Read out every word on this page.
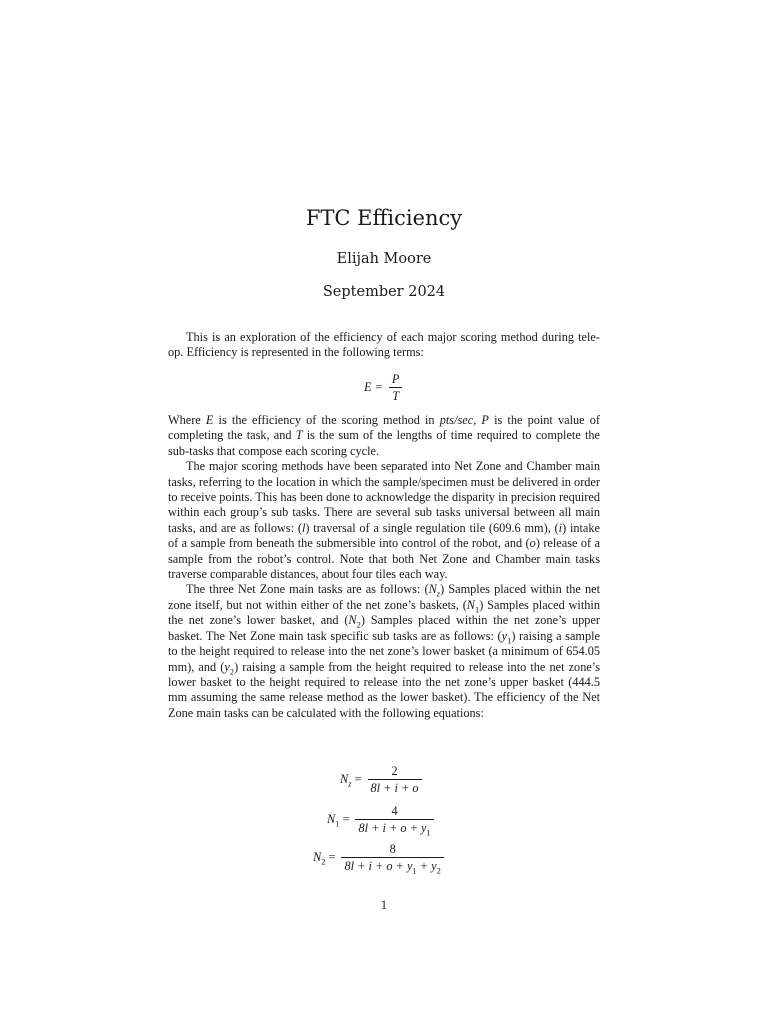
FTC Efficiency
Elijah Moore
September 2024

This is an exploration of the efficiency of each major scoring method during tele-op. Efficiency is represented in the following terms:

$E = \frac{P}{T}$

Where E is the efficiency of the scoring method in pts/sec, P is the point value of completing the task, and T is the sum of the lengths of time required to complete the sub-tasks that compose each scoring cycle.

The major scoring methods have been separated into Net Zone and Chamber main tasks, referring to the location in which the sample/specimen must be delivered in order to receive points. This has been done to acknowledge the disparity in precision required within each group’s sub tasks. There are several sub tasks universal between all main tasks, and are as follows: (l) traversal of a single regulation tile (609.6 mm), (i) intake of a sample from beneath the submersible into control of the robot, and (o) release of a sample from the robot’s control. Note that both Net Zone and Chamber main tasks traverse comparable distances, about four tiles each way.

The three Net Zone main tasks are as follows: $(N_z)$ Samples placed within the net zone itself, but not within either of the net zone’s baskets, $(N_1)$ Samples placed within the net zone’s lower basket, and $(N_2)$ Samples placed within the net zone’s upper basket. The Net Zone main task specific sub tasks are as follows: $(y_1)$ raising a sample to the height required to release into the net zone’s lower basket (a minimum of 654.05 mm), and $(y_2)$ raising a sample from the height required to release into the net zone’s lower basket to the height required to release into the net zone’s upper basket (444.5 mm assuming the same release method as the lower basket). The efficiency of the Net Zone main tasks can be calculated with the following equations:

$N_z = \frac{2}{8l + i + o}$
$N_1 = \frac{4}{8l + i + o + y_1}$
$N_2 = \frac{8}{8l + i + o + y_1 + y_2}$
1
